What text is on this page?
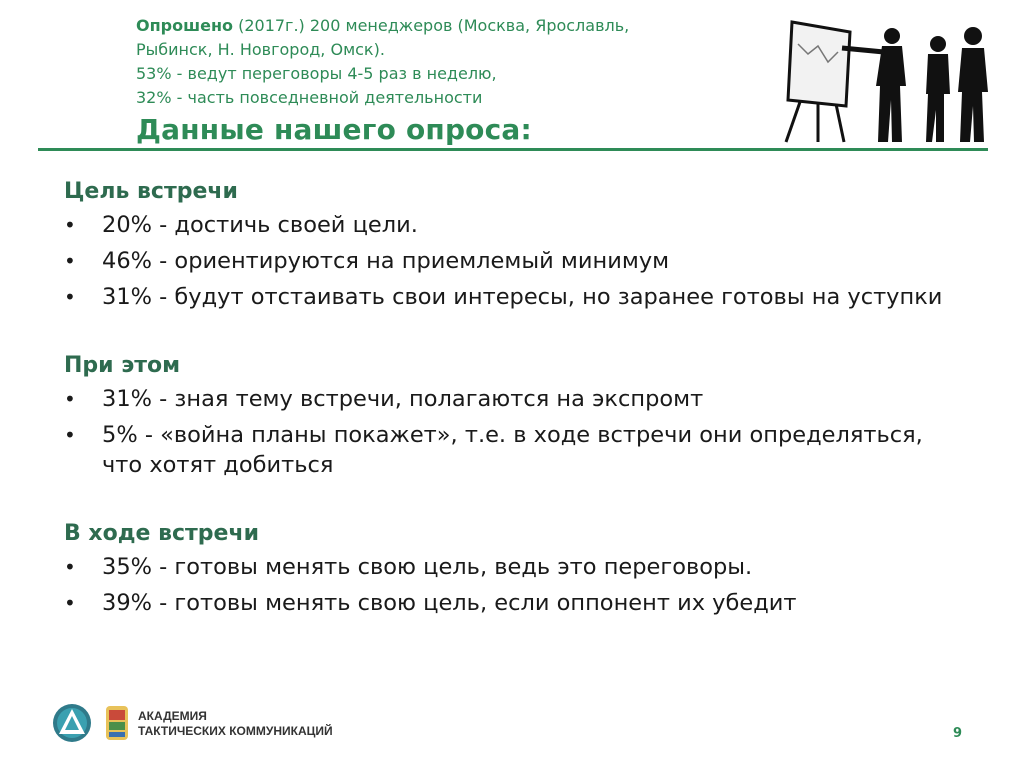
Опрошено (2017г.) 200 менеджеров (Москва, Ярославль,
Рыбинск, Н. Новгород, Омск).
53% - ведут переговоры 4-5 раз в неделю,
32% - часть повседневной деятельности
Данные нашего опроса:
Цель встречи
• 20% - достичь своей цели.
• 46% - ориентируются на приемлемый минимум
• 31% - будут отстаивать свои интересы, но заранее готовы на уступки
При этом
• 31% - зная тему встречи, полагаются на экспромт
• 5% - «война планы покажет», т.е. в ходе встречи они определяться, что хотят добиться
В ходе встречи
• 35% - готовы менять свою цель, ведь это переговоры.
• 39% - готовы менять свою цель, если оппонент их убедит
АКАДЕМИЯ
ТАКТИЧЕСКИХ КОММУНИКАЦИЙ	9
